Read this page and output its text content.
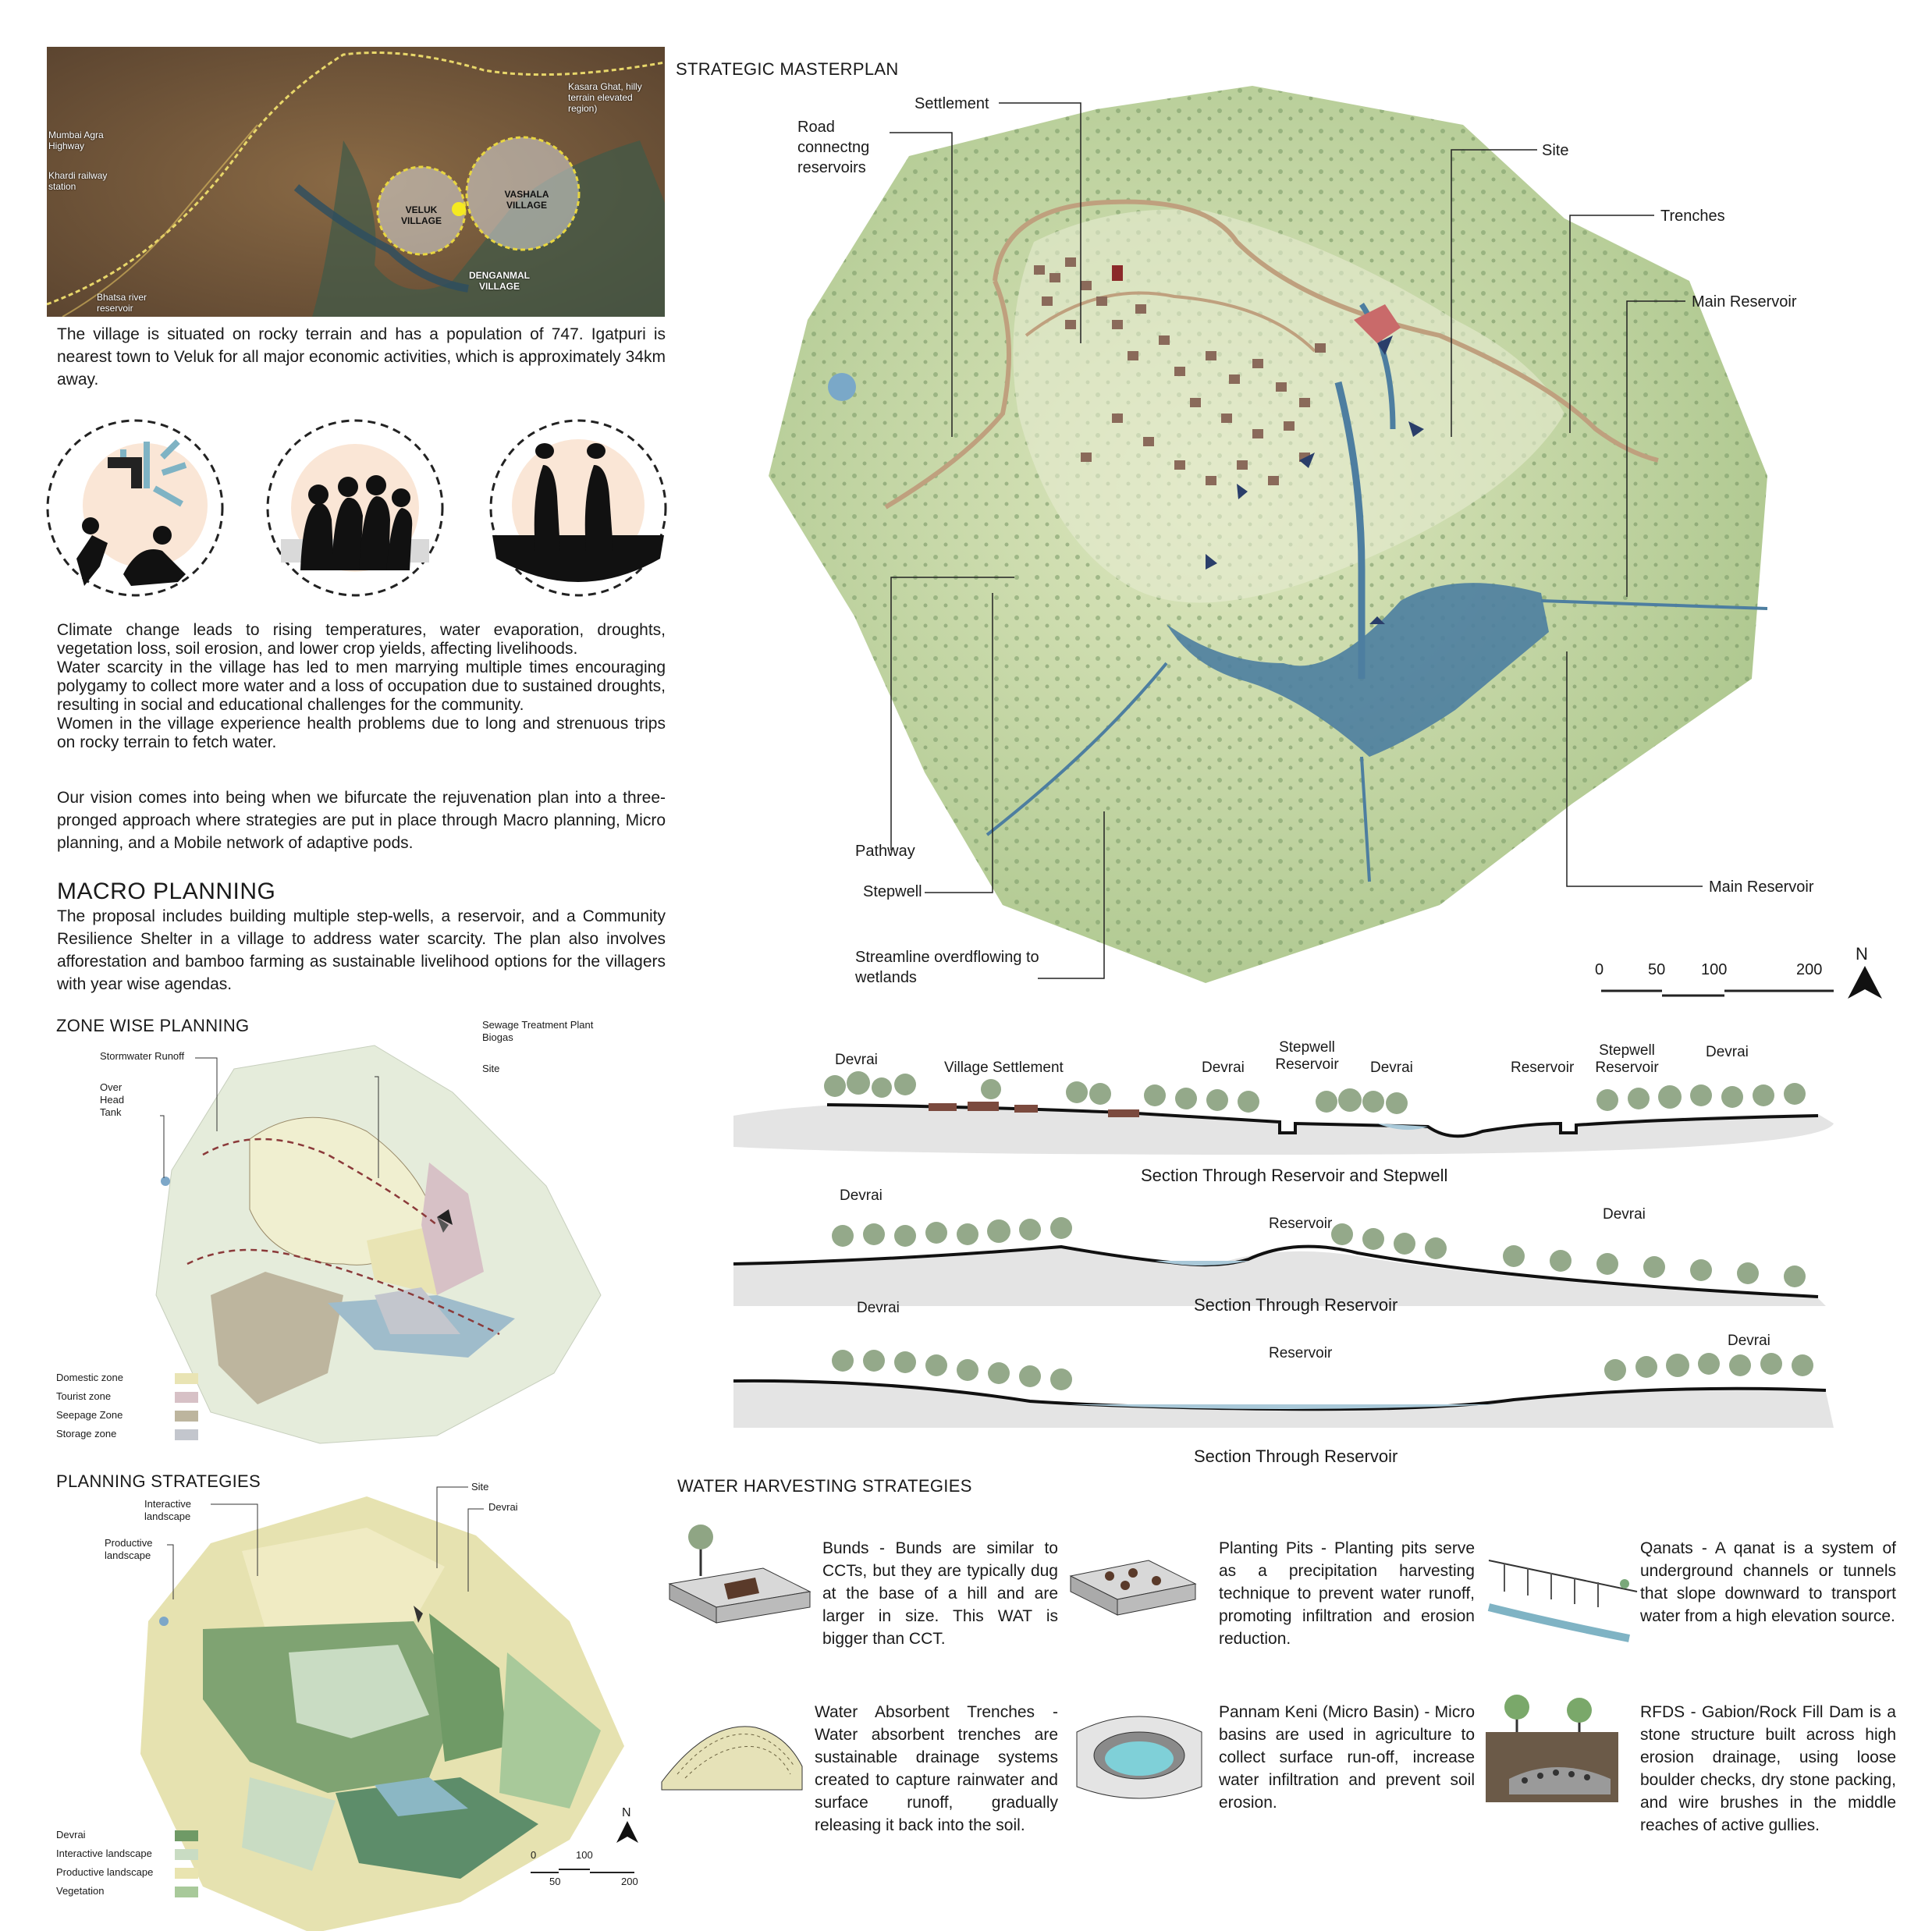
Mumbai Agra Highway
Khardi railway station
Kasara Ghat, hilly terrain elevated region)
VELUK VILLAGE
VASHALA VILLAGE
DENGANMAL VILLAGE
Bhatsa river reservoir
The village is situated on rocky terrain and has a population of 747. Igatpuri is nearest town to Veluk for all major economic activities, which is approximately 34km away.
Climate change leads to rising temperatures, water evaporation, droughts, vegetation loss, soil erosion, and lower crop yields, affecting livelihoods.
Water scarcity in the village has led to men marrying multiple times encouraging polygamy to collect more water and a loss of occupation due to sustained droughts, resulting in social and educational challenges for the community.
Women in the village experience health problems due to long and strenuous trips on rocky terrain to fetch water.
Our vision comes into being when we bifurcate the rejuvenation plan into a three-pronged approach where strategies are put in place through Macro planning, Micro planning, and a Mobile network of adaptive pods.
MACRO PLANNING
The proposal includes building multiple step-wells, a reservoir, and a Community Resilience Shelter in a village to address water scarcity. The plan also involves afforestation and bamboo farming as sustainable livelihood options for the villagers with year wise agendas.
ZONE WISE PLANNING
Stormwater Runoff
Sewage Treatment Plant
Biogas
Site
Over Head Tank
Domestic zone
Tourist zone
Seepage Zone
Storage zone
PLANNING STRATEGIES
Interactive landscape
Productive landscape
Site
Devrai
Devrai
Interactive landscape
Productive landscape
Vegetation
0	100
50	200
N
STRATEGIC MASTERPLAN
Settlement
Road connectng reservoirs
Site
Trenches
Main Reservoir
Pathway
Stepwell
Streamline overdflowing to wetlands
Main Reservoir
0	50 100	200
N
Devrai	Village Settlement	Devrai
Stepwell Reservoir Devrai	Reservoir
Stepwell Reservoir
Devrai
Section Through Reservoir and Stepwell
Devrai
Reservoir
Devrai
Section Through Reservoir
Devrai
Reservoir
Devrai
Section Through Reservoir
WATER HARVESTING STRATEGIES
Bunds - Bunds are similar to CCTs, but they are typically dug at the base of a hill and are larger in size. This WAT is bigger than CCT.
Planting Pits - Planting pits serve as a precipitation harvesting technique to prevent water runoff, promoting infiltration and erosion reduction.
Qanats - A qanat is a system of underground channels or tunnels that slope downward to transport water from a high elevation source.
Water Absorbent Trenches - Water absorbent trenches are sustainable drainage systems created to capture rainwater and surface runoff, gradually releasing it back into the soil.
Pannam Keni (Micro Basin) - Micro basins are used in agriculture to collect surface run-off, increase water infiltration and prevent soil erosion.
RFDS - Gabion/Rock Fill Dam is a stone structure built across high erosion drainage, using loose boulder checks, dry stone packing, and wire brushes in the middle reaches of active gullies.
